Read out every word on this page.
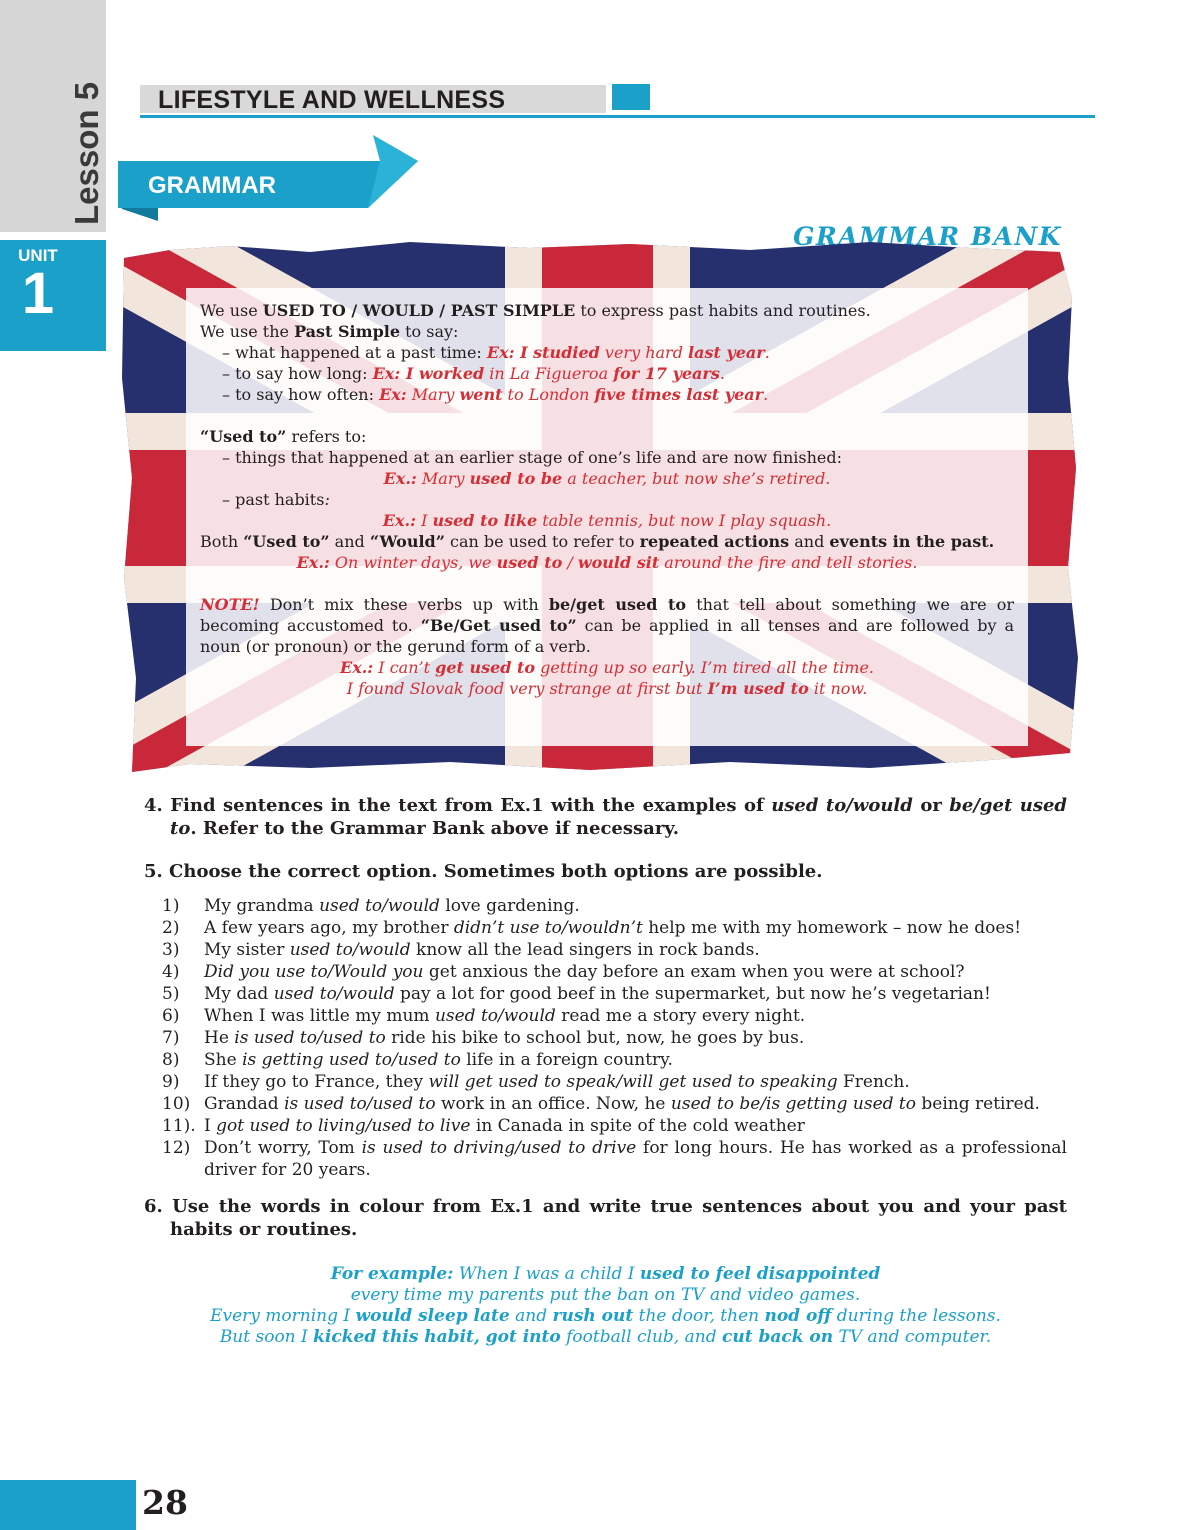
Lesson 5
UNIT
1
LIFESTYLE AND WELLNESS
GRAMMAR
GRAMMAR BANK

We use USED TO / WOULD / PAST SIMPLE to express past habits and routines.

We use the Past Simple to say:

– what happened at a past time: Ex: I studied very hard last year.

– to say how long: Ex: I worked in La Figueroa for 17 years.

– to say how often: Ex: Mary went to London five times last year.

“Used to” refers to:

– things that happened at an earlier stage of one’s life and are now finished:

Ex.: Mary used to be a teacher, but now she’s retired.

– past habits:

Ex.: I used to like table tennis, but now I play squash.

Both “Used to” and “Would” can be used to refer to repeated actions and events in the past.

Ex.: On winter days, we used to / would sit around the fire and tell stories.

NOTE! Don’t mix these verbs up with be/get used to that tell about something we are or becoming accustomed to. “Be/Get used to” can be applied in all tenses and are followed by a noun (or pronoun) or the gerund form of a verb.

Ex.: I can’t get used to getting up so early. I’m tired all the time.

I found Slovak food very strange at first but I’m used to it now.

4. Find sentences in the text from Ex.1 with the examples of used to/would or be/get used to. Refer to the Grammar Bank above if necessary.

5. Choose the correct option. Sometimes both options are possible.

1)	My grandma used to/would love gardening.
2)	A few years ago, my brother didn’t use to/wouldn’t help me with my homework – now he does!
3)	My sister used to/would know all the lead singers in rock bands.
4)	Did you use to/Would you get anxious the day before an exam when you were at school?
5)	My dad used to/would pay a lot for good beef in the supermarket, but now he’s vegetarian!
6)	When I was little my mum used to/would read me a story every night.
7)	He is used to/used to ride his bike to school but, now, he goes by bus.
8)	She is getting used to/used to life in a foreign country.
9)	If they go to France, they will get used to speak/will get used to speaking French.
10) Grandad is used to/used to work in an office. Now, he used to be/is getting used to being retired.
11). I got used to living/used to live in Canada in spite of the cold weather
12) Don’t worry, Tom is used to driving/used to drive for long hours. He has worked as a professional driver for 20 years.

6. Use the words in colour from Ex.1 and write true sentences about you and your past habits or routines.

For example: When I was a child I used to feel disappointed
every time my parents put the ban on TV and video games.
Every morning I would sleep late and rush out the door, then nod off during the lessons.
But soon I kicked this habit, got into football club, and cut back on TV and computer.
28
